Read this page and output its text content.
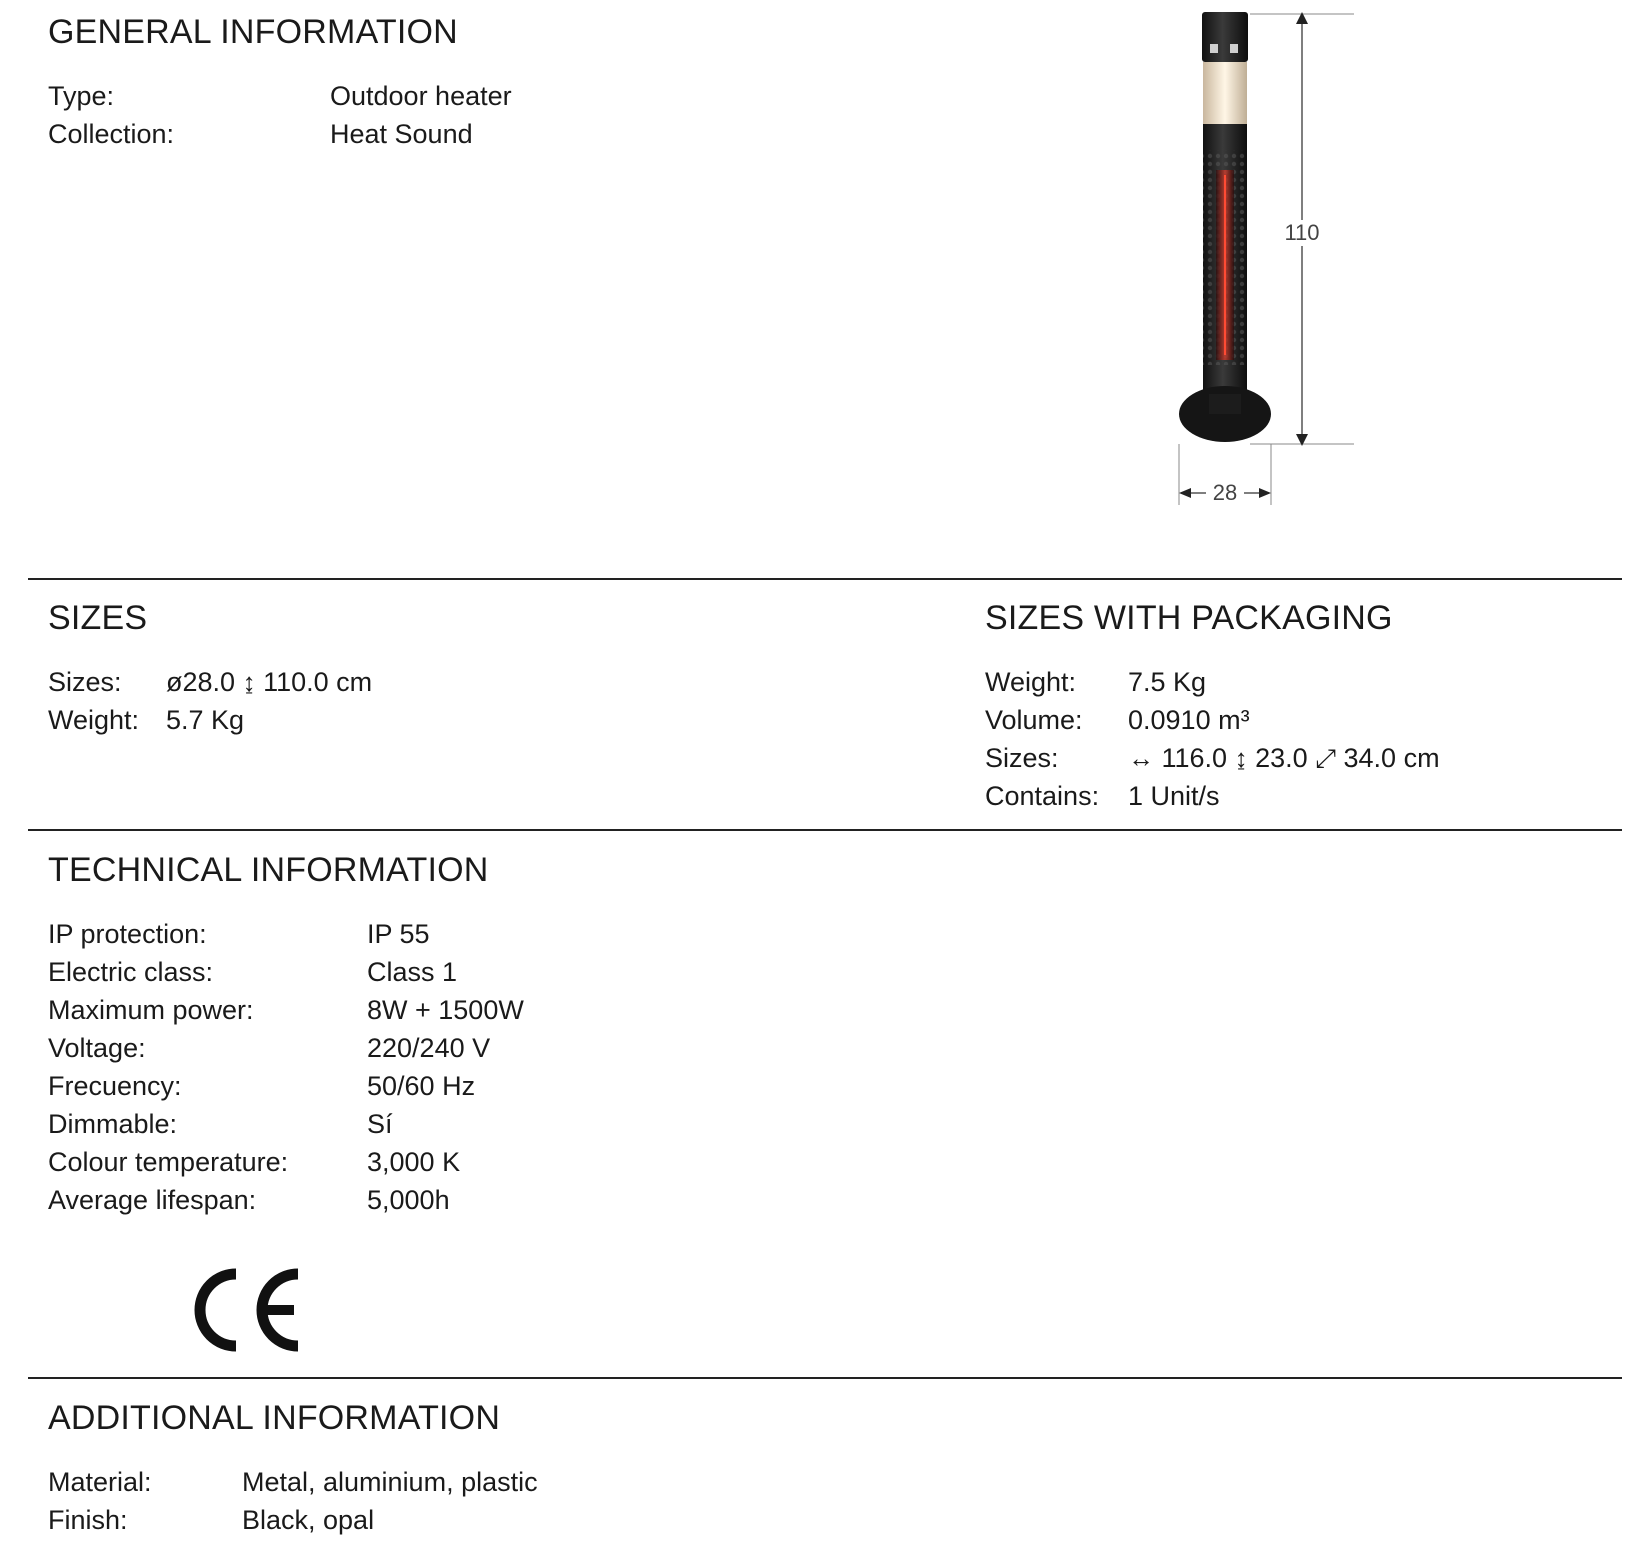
GENERAL INFORMATION
Type:	Outdoor heater
Collection:	Heat Sound
110
28
SIZES
Sizes: ø28.0 ↨ 110.0 cm
Weight: 5.7 Kg
SIZES WITH PACKAGING
Weight: 7.5 Kg
Volume: 0.0910 m³
Sizes:	↔ 116.0 ↨ 23.0 ⤢ 34.0 cm
Contains: 1 Unit/s
TECHNICAL INFORMATION
IP protection:	IP 55
Electric class:	Class 1
Maximum power:	8W + 1500W
Voltage:	220/240 V
Frecuency:	50/60 Hz
Dimmable:	Sí
Colour temperature:	3,000 K
Average lifespan:	5,000h
ADDITIONAL INFORMATION
Material:	Metal, aluminium, plastic
Finish:	Black, opal
